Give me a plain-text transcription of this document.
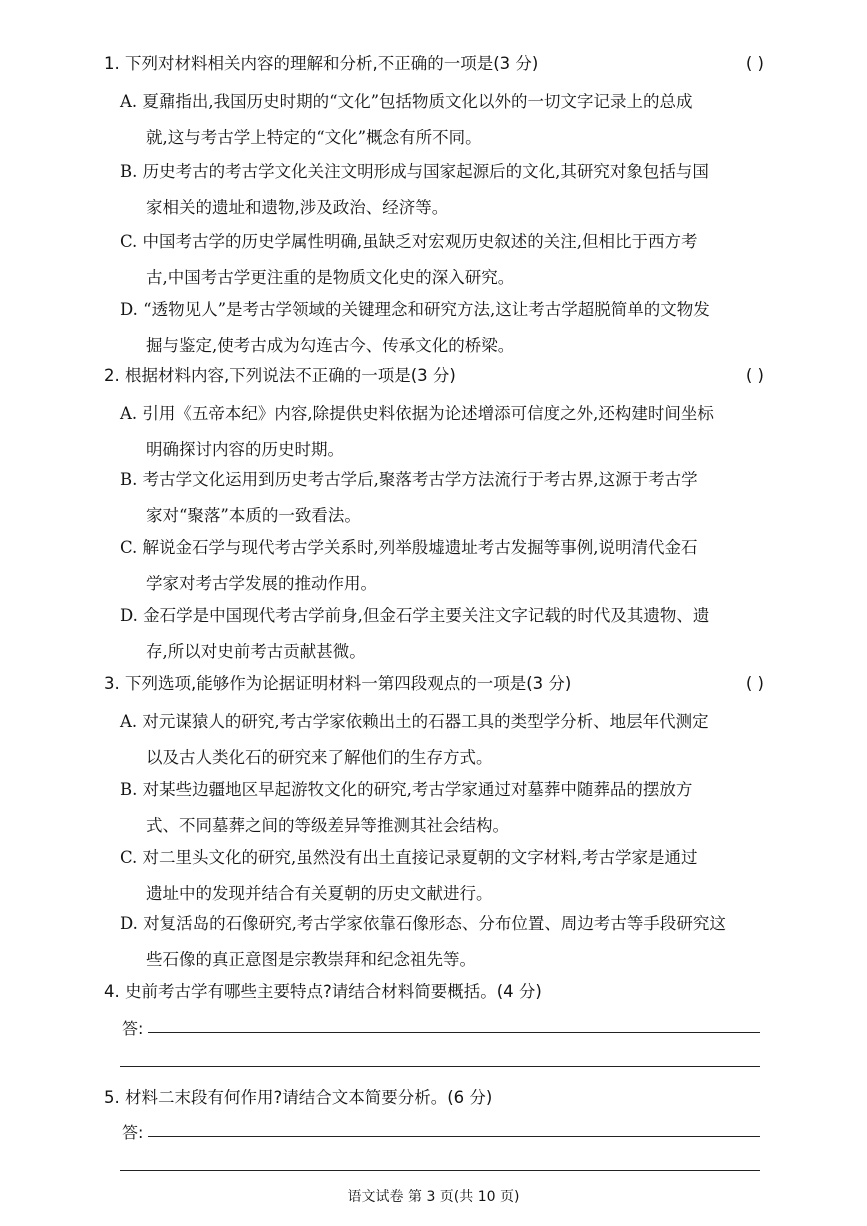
1. 下列对材料相关内容的理解和分析,不正确的一项是(3 分)	( )
A. 夏鼐指出,我国历史时期的“文化”包括物质文化以外的一切文字记录上的总成
就,这与考古学上特定的“文化”概念有所不同。
B. 历史考古的考古学文化关注文明形成与国家起源后的文化,其研究对象包括与国
家相关的遗址和遗物,涉及政治、经济等。
C. 中国考古学的历史学属性明确,虽缺乏对宏观历史叙述的关注,但相比于西方考
古,中国考古学更注重的是物质文化史的深入研究。
D. “透物见人”是考古学领域的关键理念和研究方法,这让考古学超脱简单的文物发
掘与鉴定,使考古成为勾连古今、传承文化的桥梁。
2. 根据材料内容,下列说法不正确的一项是(3 分)	( )
A. 引用《五帝本纪》内容,除提供史料依据为论述增添可信度之外,还构建时间坐标
明确探讨内容的历史时期。
B. 考古学文化运用到历史考古学后,聚落考古学方法流行于考古界,这源于考古学
家对“聚落”本质的一致看法。
C. 解说金石学与现代考古学关系时,列举殷墟遗址考古发掘等事例,说明清代金石
学家对考古学发展的推动作用。
D. 金石学是中国现代考古学前身,但金石学主要关注文字记载的时代及其遗物、遗
存,所以对史前考古贡献甚微。
3. 下列选项,能够作为论据证明材料一第四段观点的一项是(3 分)	( )
A. 对元谋猿人的研究,考古学家依赖出土的石器工具的类型学分析、地层年代测定
以及古人类化石的研究来了解他们的生存方式。
B. 对某些边疆地区早起游牧文化的研究,考古学家通过对墓葬中随葬品的摆放方
式、不同墓葬之间的等级差异等推测其社会结构。
C. 对二里头文化的研究,虽然没有出土直接记录夏朝的文字材料,考古学家是通过
遗址中的发现并结合有关夏朝的历史文献进行。
D. 对复活岛的石像研究,考古学家依靠石像形态、分布位置、周边考古等手段研究这
些石像的真正意图是宗教崇拜和纪念祖先等。
4. 史前考古学有哪些主要特点?请结合材料简要概括。(4 分)
答:
5. 材料二末段有何作用?请结合文本简要分析。(6 分)
答:
语文试卷 第 3 页(共 10 页)
